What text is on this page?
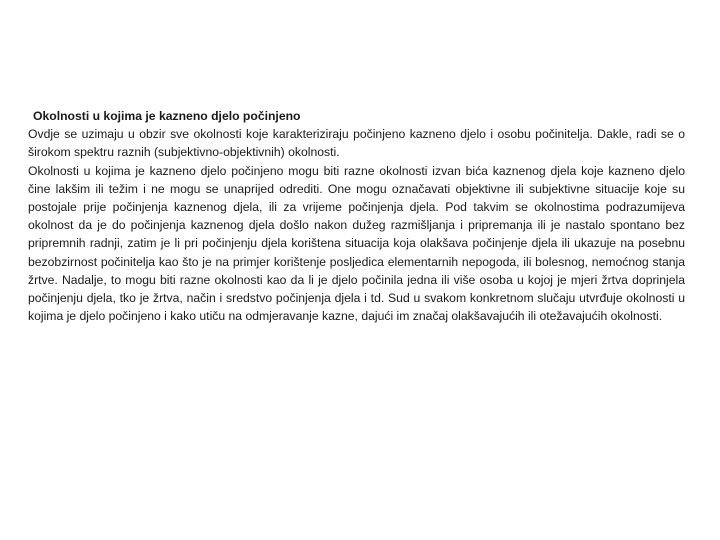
Okolnosti u kojima je kazneno djelo počinjeno

Ovdje se uzimaju u obzir sve okolnosti koje karakteriziraju počinjeno kazneno djelo i osobu počinitelja. Dakle, radi se o širokom spektru raznih (subjektivno-objektivnih) okolnosti.

Okolnosti u kojima je kazneno djelo počinjeno mogu biti razne okolnosti izvan bića kaznenog djela koje kazneno djelo čine lakšim ili težim i ne mogu se unaprijed odrediti. One mogu označavati objektivne ili subjektivne situacije koje su postojale prije počinjenja kaznenog djela, ili za vrijeme počinjenja djela. Pod takvim se okolnostima podrazumijeva okolnost da je do počinjenja kaznenog djela došlo nakon dužeg razmišljanja i pripremanja ili je nastalo spontano bez pripremnih radnji, zatim je li pri počinjenju djela korištena situacija koja olakšava počinjenje djela ili ukazuje na posebnu bezobzirnost počinitelja kao što je na primjer korištenje posljedica elementarnih nepogoda, ili bolesnog, nemoćnog stanja žrtve. Nadalje, to mogu biti razne okolnosti kao da li je djelo počinila jedna ili više osoba u kojoj je mjeri žrtva doprinjela počinjenju djela, tko je žrtva, način i sredstvo počinjenja djela i td. Sud u svakom konkretnom slučaju utvrđuje okolnosti u kojima je djelo počinjeno i kako utiču na odmjeravanje kazne, dajući im značaj olakšavajućih ili otežavajućih okolnosti.
